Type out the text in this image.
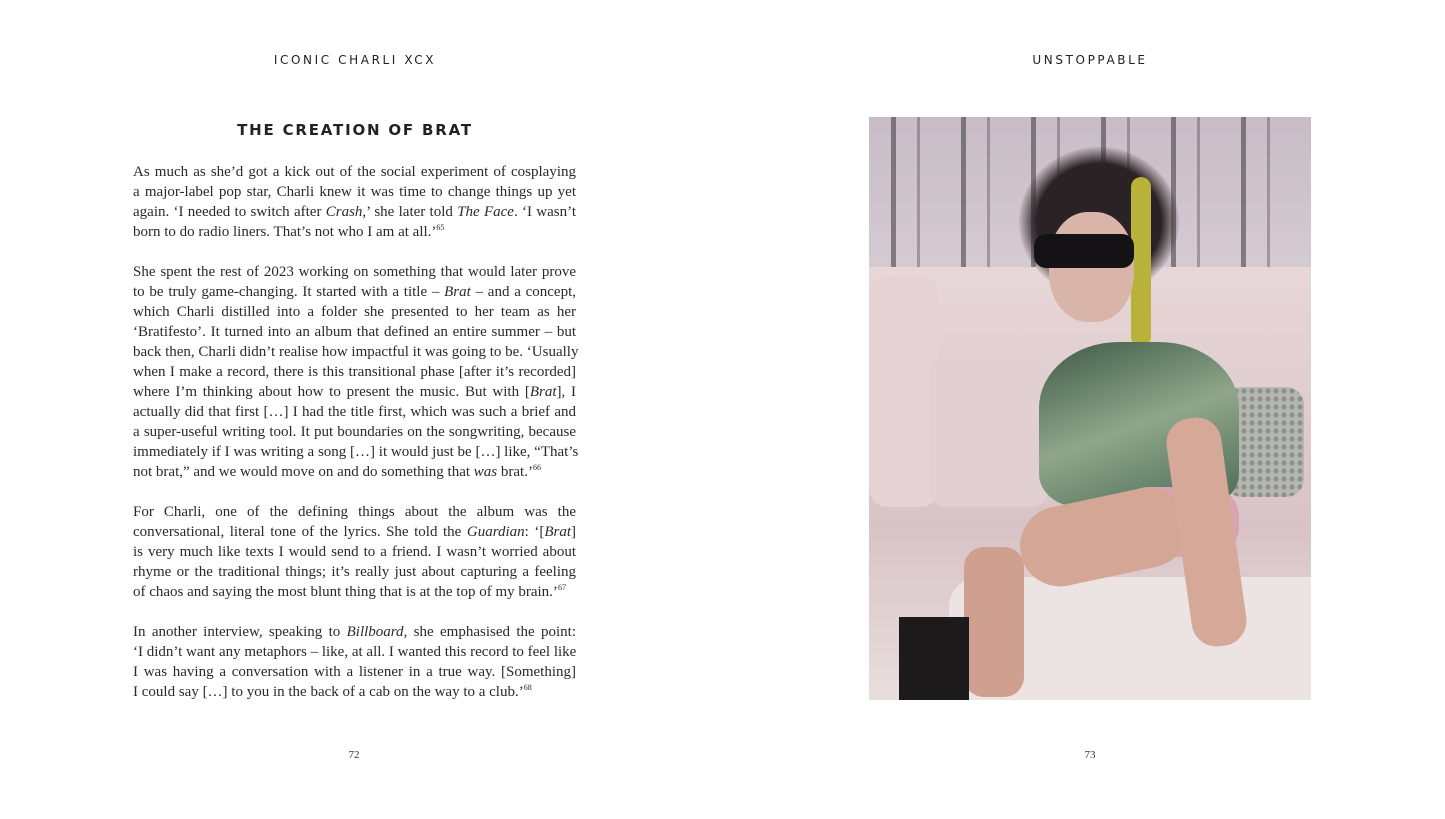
ICONIC CHARLI XCX	UNSTOPPABLE
THE CREATION OF BRAT
As much as she’d got a kick out of the social experiment of cosplaying
a major-label pop star, Charli knew it was time to change things up yet
again. ‘I needed to switch after Crash,’ she later told The Face. ‘I wasn’t
born to do radio liners. That’s not who I am at all.’$^{65}$
She spent the rest of 2023 working on something that would later prove
to be truly game-changing. It started with a title – Brat – and a concept,
which Charli distilled into a folder she presented to her team as her
‘Bratifesto’. It turned into an album that defined an entire summer – but
back then, Charli didn’t realise how impactful it was going to be. ‘Usually
when I make a record, there is this transitional phase [after it’s recorded]
where I’m thinking about how to present the music. But with [Brat], I
actually did that first […] I had the title first, which was such a brief and
a super-useful writing tool. It put boundaries on the songwriting, because
immediately if I was writing a song […] it would just be […] like, “That’s
not brat,” and we would move on and do something that was brat.’$^{66}$
For Charli, one of the defining things about the album was the
conversational, literal tone of the lyrics. She told the Guardian: ‘[Brat]
is very much like texts I would send to a friend. I wasn’t worried about
rhyme or the traditional things; it’s really just about capturing a feeling
of chaos and saying the most blunt thing that is at the top of my brain.’$^{67}$
In another interview, speaking to Billboard, she emphasised the point:
‘I didn’t want any metaphors – like, at all. I wanted this record to feel like
I was having a conversation with a listener in a true way. [Something]
I could say […] to you in the back of a cab on the way to a club.’$^{68}$
72	73
